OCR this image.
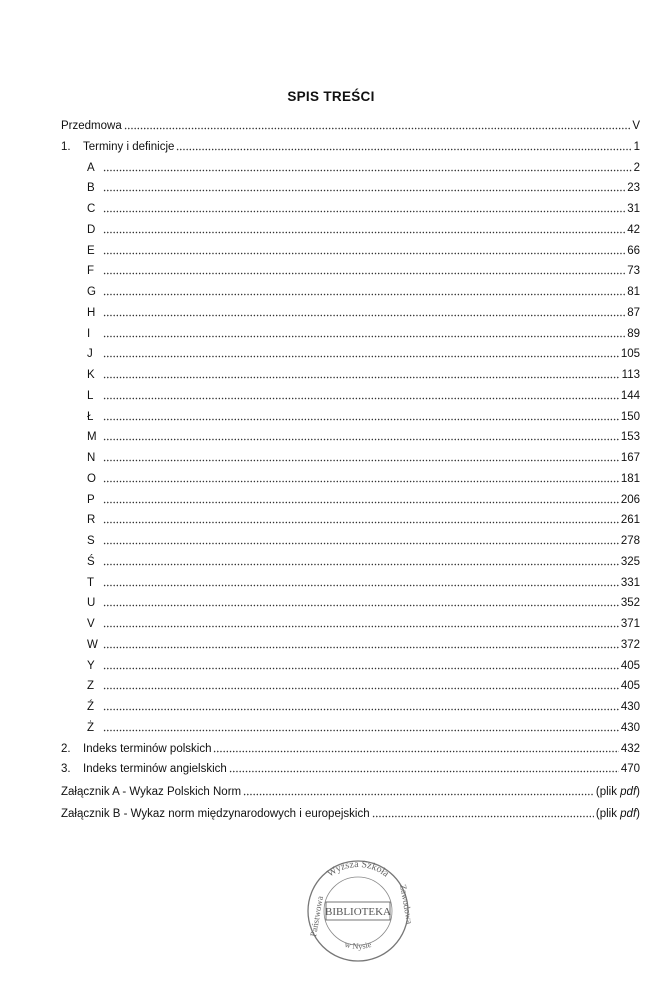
SPIS TREŚCI
Przedmowa	V
1.	Terminy i definicje	1
A	2
B	23
C	31
D	42
E	66
F	73
G	81
H	87
I	89
J	105
K	113
L	144
Ł	150
M	153
N	167
O	181
P	206
R	261
S	278
Ś	325
T	331
U	352
V	371
W	372
Y	405
Z	405
Ź	430
Ż	430
2.	Indeks terminów polskich	432
3.	Indeks terminów angielskich	470
Załącznik A - Wykaz Polskich Norm	(plik pdf)
Załącznik B - Wykaz norm międzynarodowych i europejskich	(plik pdf)
BIBLIOTEKA
Wyższa Szkoła
Państwowa	Zawodowa
w Nysie
